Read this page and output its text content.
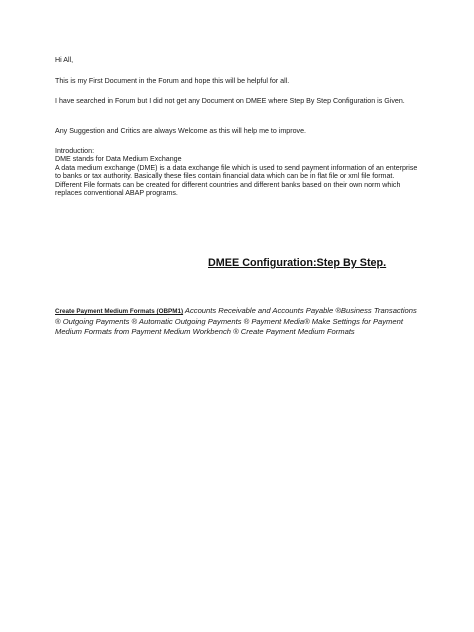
Hi All,

This is my First Document in the Forum and hope this will be helpful for all.

I have searched in Forum but I did not get any Document on DMEE where Step By Step Configuration is Given.

Any Suggestion and Critics are always Welcome as this will help me to improve.

Introduction:
DME stands for Data Medium Exchange
A data medium exchange (DME) is a data exchange file which is used to send payment information of an enterprise to banks or tax authority. Basically these files contain financial data which can be in flat file or xml file format. Different File formats can be created for different countries and different banks based on their own norm which replaces conventional ABAP programs.
DMEE Configuration:Step By Step.

Create Payment Medium Formats (OBPM1) Accounts Receivable and Accounts Payable ®Business Transactions ® Outgoing Payments ® Automatic Outgoing Payments ® Payment Media® Make Settings for Payment Medium Formats from Payment Medium Workbench ® Create Payment Medium Formats
